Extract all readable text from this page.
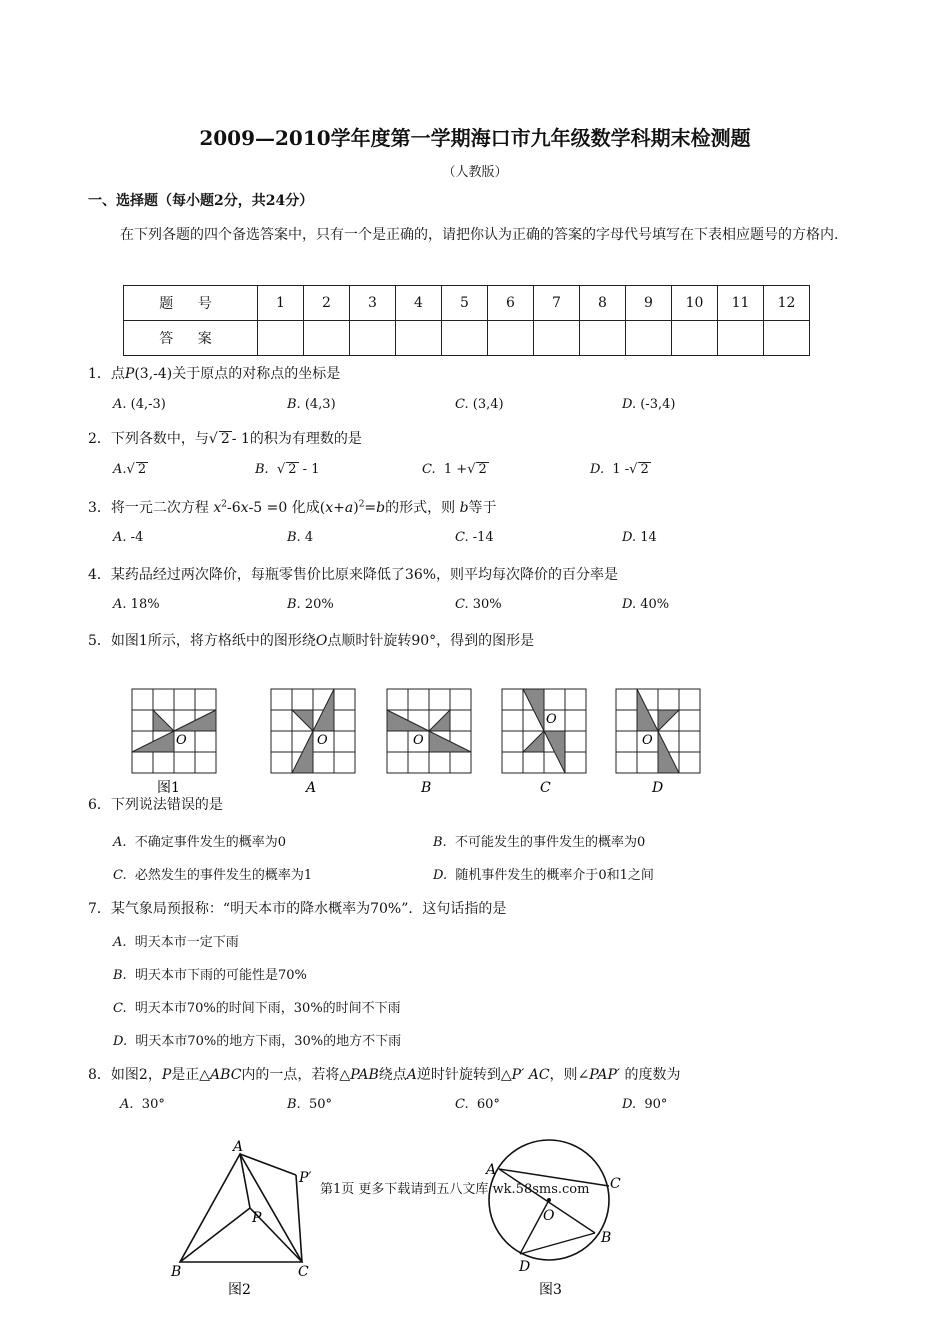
2009—2010学年度第一学期海口市九年级数学科期末检测题
（人教版）
一、选择题（每小题2分，共24分）
在下列各题的四个备选答案中，只有一个是正确的，请把你认为正确的答案的字母代号填写在下表相应题号的方格内.
题 号	1	2	3	4	5	6	7	8	9	10	11	12
答 案												
1．点P(3,-4)关于原点的对称点的坐标是
A. (4,-3)	B. (4,3)	C. (3,4)	D. (-3,4)
2．下列各数中，与√ 2 - 1的积为有理数的是
A.√ 2	B. √ 2 - 1	C. 1 +√ 2	D. 1 -√ 2
3．将一元二次方程 $x^2-6x-5 =0$ 化成$(x+a)^2=b$的形式，则 b等于
A. -4	B. 4	C. -14	D. 14
4．某药品经过两次降价，每瓶零售价比原来降低了36%，则平均每次降价的百分率是
A. 18%	B. 20%	C. 30%	D. 40%
5．如图1所示，将方格纸中的图形绕O点顺时针旋转90°，得到的图形是
O	O	O
O
O
图1	A	B	C	D
6．下列说法错误的是
A. 不确定事件发生的概率为0	B. 不可能发生的事件发生的概率为0
C. 必然发生的事件发生的概率为1	D. 随机事件发生的概率介于0和1之间
7．某气象局预报称：“明天本市的降水概率为70%”．这句话指的是
A. 明天本市一定下雨
B. 明天本市下雨的可能性是70%
C. 明天本市70%的时间下雨，30%的时间不下雨
D. 明天本市70%的地方下雨，30%的地方不下雨
8．如图2，P是正△ABC内的一点，若将△PAB绕点A逆时针旋转到△P′ AC，则∠PAP′ 的度数为
A. 30°	B. 50°	C. 60°	D. 90°
A
P′
P
B	C
图2
A
C
O
B
D
图3
第1页 更多下载请到五八文库 wk.58sms.com
